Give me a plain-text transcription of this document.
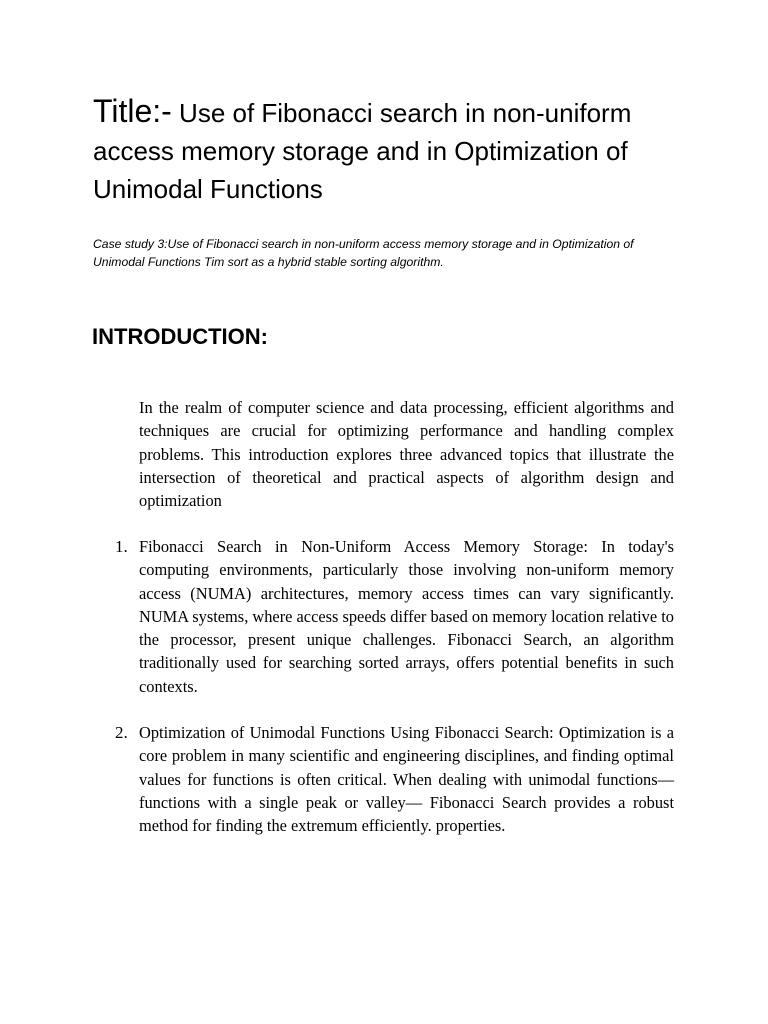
Title:- Use of Fibonacci search in non-uniform access memory storage and in Optimization of Unimodal Functions
Case study 3:Use of Fibonacci search in non-uniform access memory storage and in Optimization of Unimodal Functions Tim sort as a hybrid stable sorting algorithm.
INTRODUCTION:

In the realm of computer science and data processing, efficient algorithms and techniques are crucial for optimizing performance and handling complex problems. This introduction explores three advanced topics that illustrate the intersection of theoretical and practical aspects of algorithm design and optimization

1. Fibonacci Search in Non-Uniform Access Memory Storage: In today's computing environments, particularly those involving non-uniform memory access (NUMA) architectures, memory access times can vary significantly. NUMA systems, where access speeds differ based on memory location relative to the processor, present unique challenges. Fibonacci Search, an algorithm traditionally used for searching sorted arrays, offers potential benefits in such contexts.

2. Optimization of Unimodal Functions Using Fibonacci Search: Optimization is a core problem in many scientific and engineering disciplines, and finding optimal values for functions is often critical. When dealing with unimodal functions—functions with a single peak or valley— Fibonacci Search provides a robust method for finding the extremum efficiently. properties.
